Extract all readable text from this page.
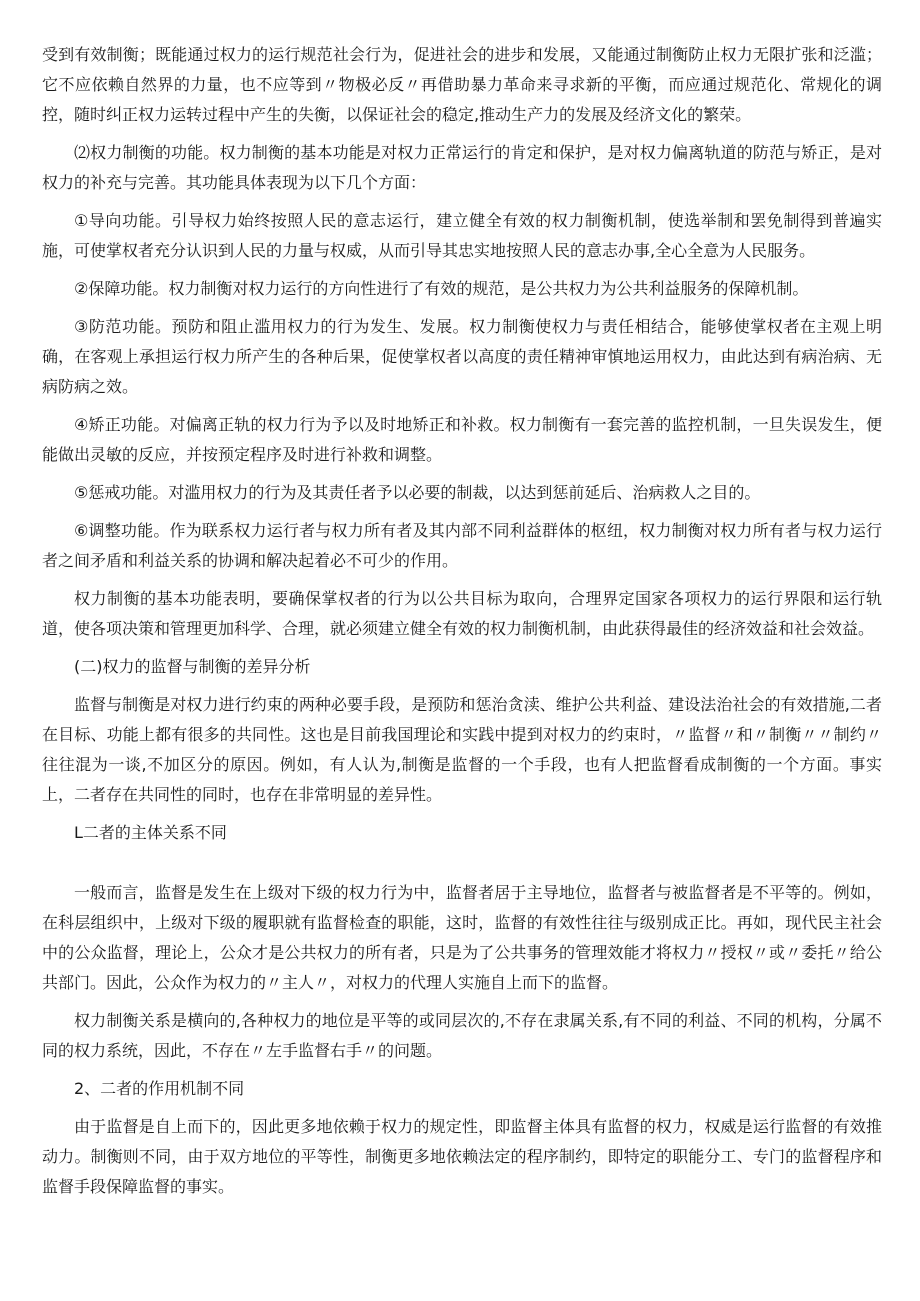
受到有效制衡；既能通过权力的运行规范社会行为，促进社会的进步和发展，又能通过制衡防止权力无限扩张和泛滥；它不应依赖自然界的力量，也不应等到〃物极必反〃再借助暴力革命来寻求新的平衡，而应通过规范化、常规化的调控，随时纠正权力运转过程中产生的失衡，以保证社会的稳定,推动生产力的发展及经济文化的繁荣。

⑵权力制衡的功能。权力制衡的基本功能是对权力正常运行的肯定和保护，是对权力偏离轨道的防范与矫正，是对权力的补充与完善。其功能具体表现为以下几个方面：

①导向功能。引导权力始终按照人民的意志运行，建立健全有效的权力制衡机制，使选举制和罢免制得到普遍实施，可使掌权者充分认识到人民的力量与权威，从而引导其忠实地按照人民的意志办事,全心全意为人民服务。

②保障功能。权力制衡对权力运行的方向性进行了有效的规范，是公共权力为公共利益服务的保障机制。

③防范功能。预防和阻止滥用权力的行为发生、发展。权力制衡使权力与责任相结合，能够使掌权者在主观上明确，在客观上承担运行权力所产生的各种后果，促使掌权者以高度的责任精神审慎地运用权力，由此达到有病治病、无病防病之效。

④矫正功能。对偏离正轨的权力行为予以及时地矫正和补救。权力制衡有一套完善的监控机制，一旦失误发生，便能做出灵敏的反应，并按预定程序及时进行补救和调整。

⑤惩戒功能。对滥用权力的行为及其责任者予以必要的制裁，以达到惩前延后、治病救人之目的。

⑥调整功能。作为联系权力运行者与权力所有者及其内部不同利益群体的枢纽，权力制衡对权力所有者与权力运行者之间矛盾和利益关系的协调和解决起着必不可少的作用。

权力制衡的基本功能表明，要确保掌权者的行为以公共目标为取向，合理界定国家各项权力的运行界限和运行轨道，使各项决策和管理更加科学、合理，就必须建立健全有效的权力制衡机制，由此获得最佳的经济效益和社会效益。

(二)权力的监督与制衡的差异分析

监督与制衡是对权力进行约束的两种必要手段，是预防和惩治贪渎、维护公共利益、建设法治社会的有效措施,二者在目标、功能上都有很多的共同性。这也是目前我国理论和实践中提到对权力的约束时，〃监督〃和〃制衡〃〃制约〃往往混为一谈,不加区分的原因。例如，有人认为,制衡是监督的一个手段，也有人把监督看成制衡的一个方面。事实上，二者存在共同性的同时，也存在非常明显的差异性。

L二者的主体关系不同

一般而言，监督是发生在上级对下级的权力行为中，监督者居于主导地位，监督者与被监督者是不平等的。例如，在科层组织中，上级对下级的履职就有监督检查的职能，这时，监督的有效性往往与级别成正比。再如，现代民主社会中的公众监督，理论上，公众才是公共权力的所有者，只是为了公共事务的管理效能才将权力〃授权〃或〃委托〃给公共部门。因此，公众作为权力的〃主人〃，对权力的代理人实施自上而下的监督。

权力制衡关系是横向的,各种权力的地位是平等的或同层次的,不存在隶属关系,有不同的利益、不同的机构，分属不同的权力系统，因此，不存在〃左手监督右手〃的问题。

2、二者的作用机制不同

由于监督是自上而下的，因此更多地依赖于权力的规定性，即监督主体具有监督的权力，权威是运行监督的有效推动力。制衡则不同，由于双方地位的平等性，制衡更多地依赖法定的程序制约，即特定的职能分工、专门的监督程序和监督手段保障监督的事实。
